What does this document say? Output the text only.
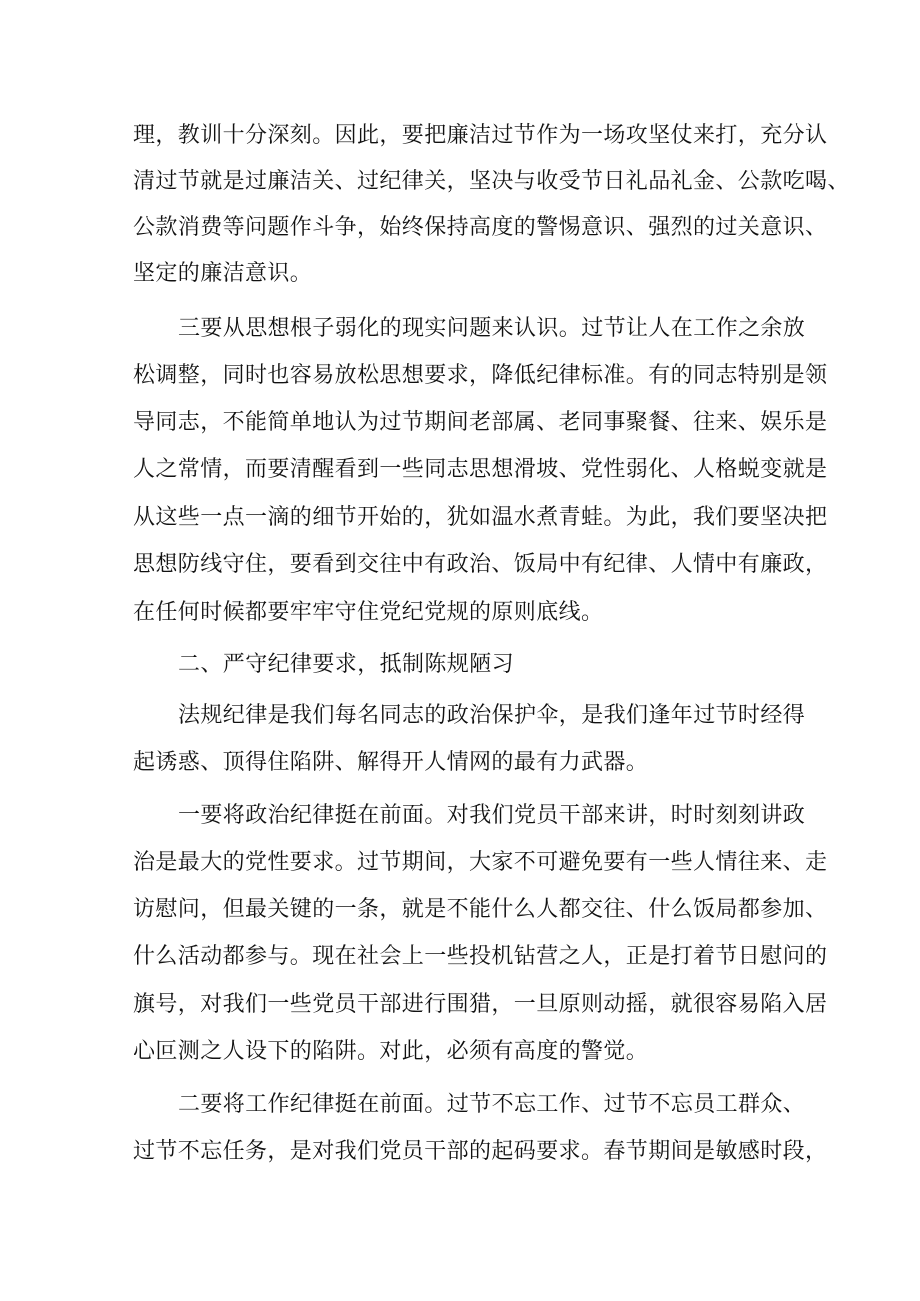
理，教训十分深刻。因此，要把廉洁过节作为一场攻坚仗来打，充分认
清过节就是过廉洁关、过纪律关，坚决与收受节日礼品礼金、公款吃喝、
公款消费等问题作斗争，始终保持高度的警惕意识、强烈的过关意识、
坚定的廉洁意识。
三要从思想根子弱化的现实问题来认识。过节让人在工作之余放
松调整，同时也容易放松思想要求，降低纪律标准。有的同志特别是领
导同志，不能简单地认为过节期间老部属、老同事聚餐、往来、娱乐是
人之常情，而要清醒看到一些同志思想滑坡、党性弱化、人格蜕变就是
从这些一点一滴的细节开始的，犹如温水煮青蛙。为此，我们要坚决把
思想防线守住，要看到交往中有政治、饭局中有纪律、人情中有廉政，
在任何时候都要牢牢守住党纪党规的原则底线。
二、严守纪律要求，抵制陈规陋习
法规纪律是我们每名同志的政治保护伞，是我们逢年过节时经得
起诱惑、顶得住陷阱、解得开人情网的最有力武器。
一要将政治纪律挺在前面。对我们党员干部来讲，时时刻刻讲政
治是最大的党性要求。过节期间，大家不可避免要有一些人情往来、走
访慰问，但最关键的一条，就是不能什么人都交往、什么饭局都参加、
什么活动都参与。现在社会上一些投机钻营之人，正是打着节日慰问的
旗号，对我们一些党员干部进行围猎，一旦原则动摇，就很容易陷入居
心叵测之人设下的陷阱。对此，必须有高度的警觉。
二要将工作纪律挺在前面。过节不忘工作、过节不忘员工群众、
过节不忘任务，是对我们党员干部的起码要求。春节期间是敏感时段，
